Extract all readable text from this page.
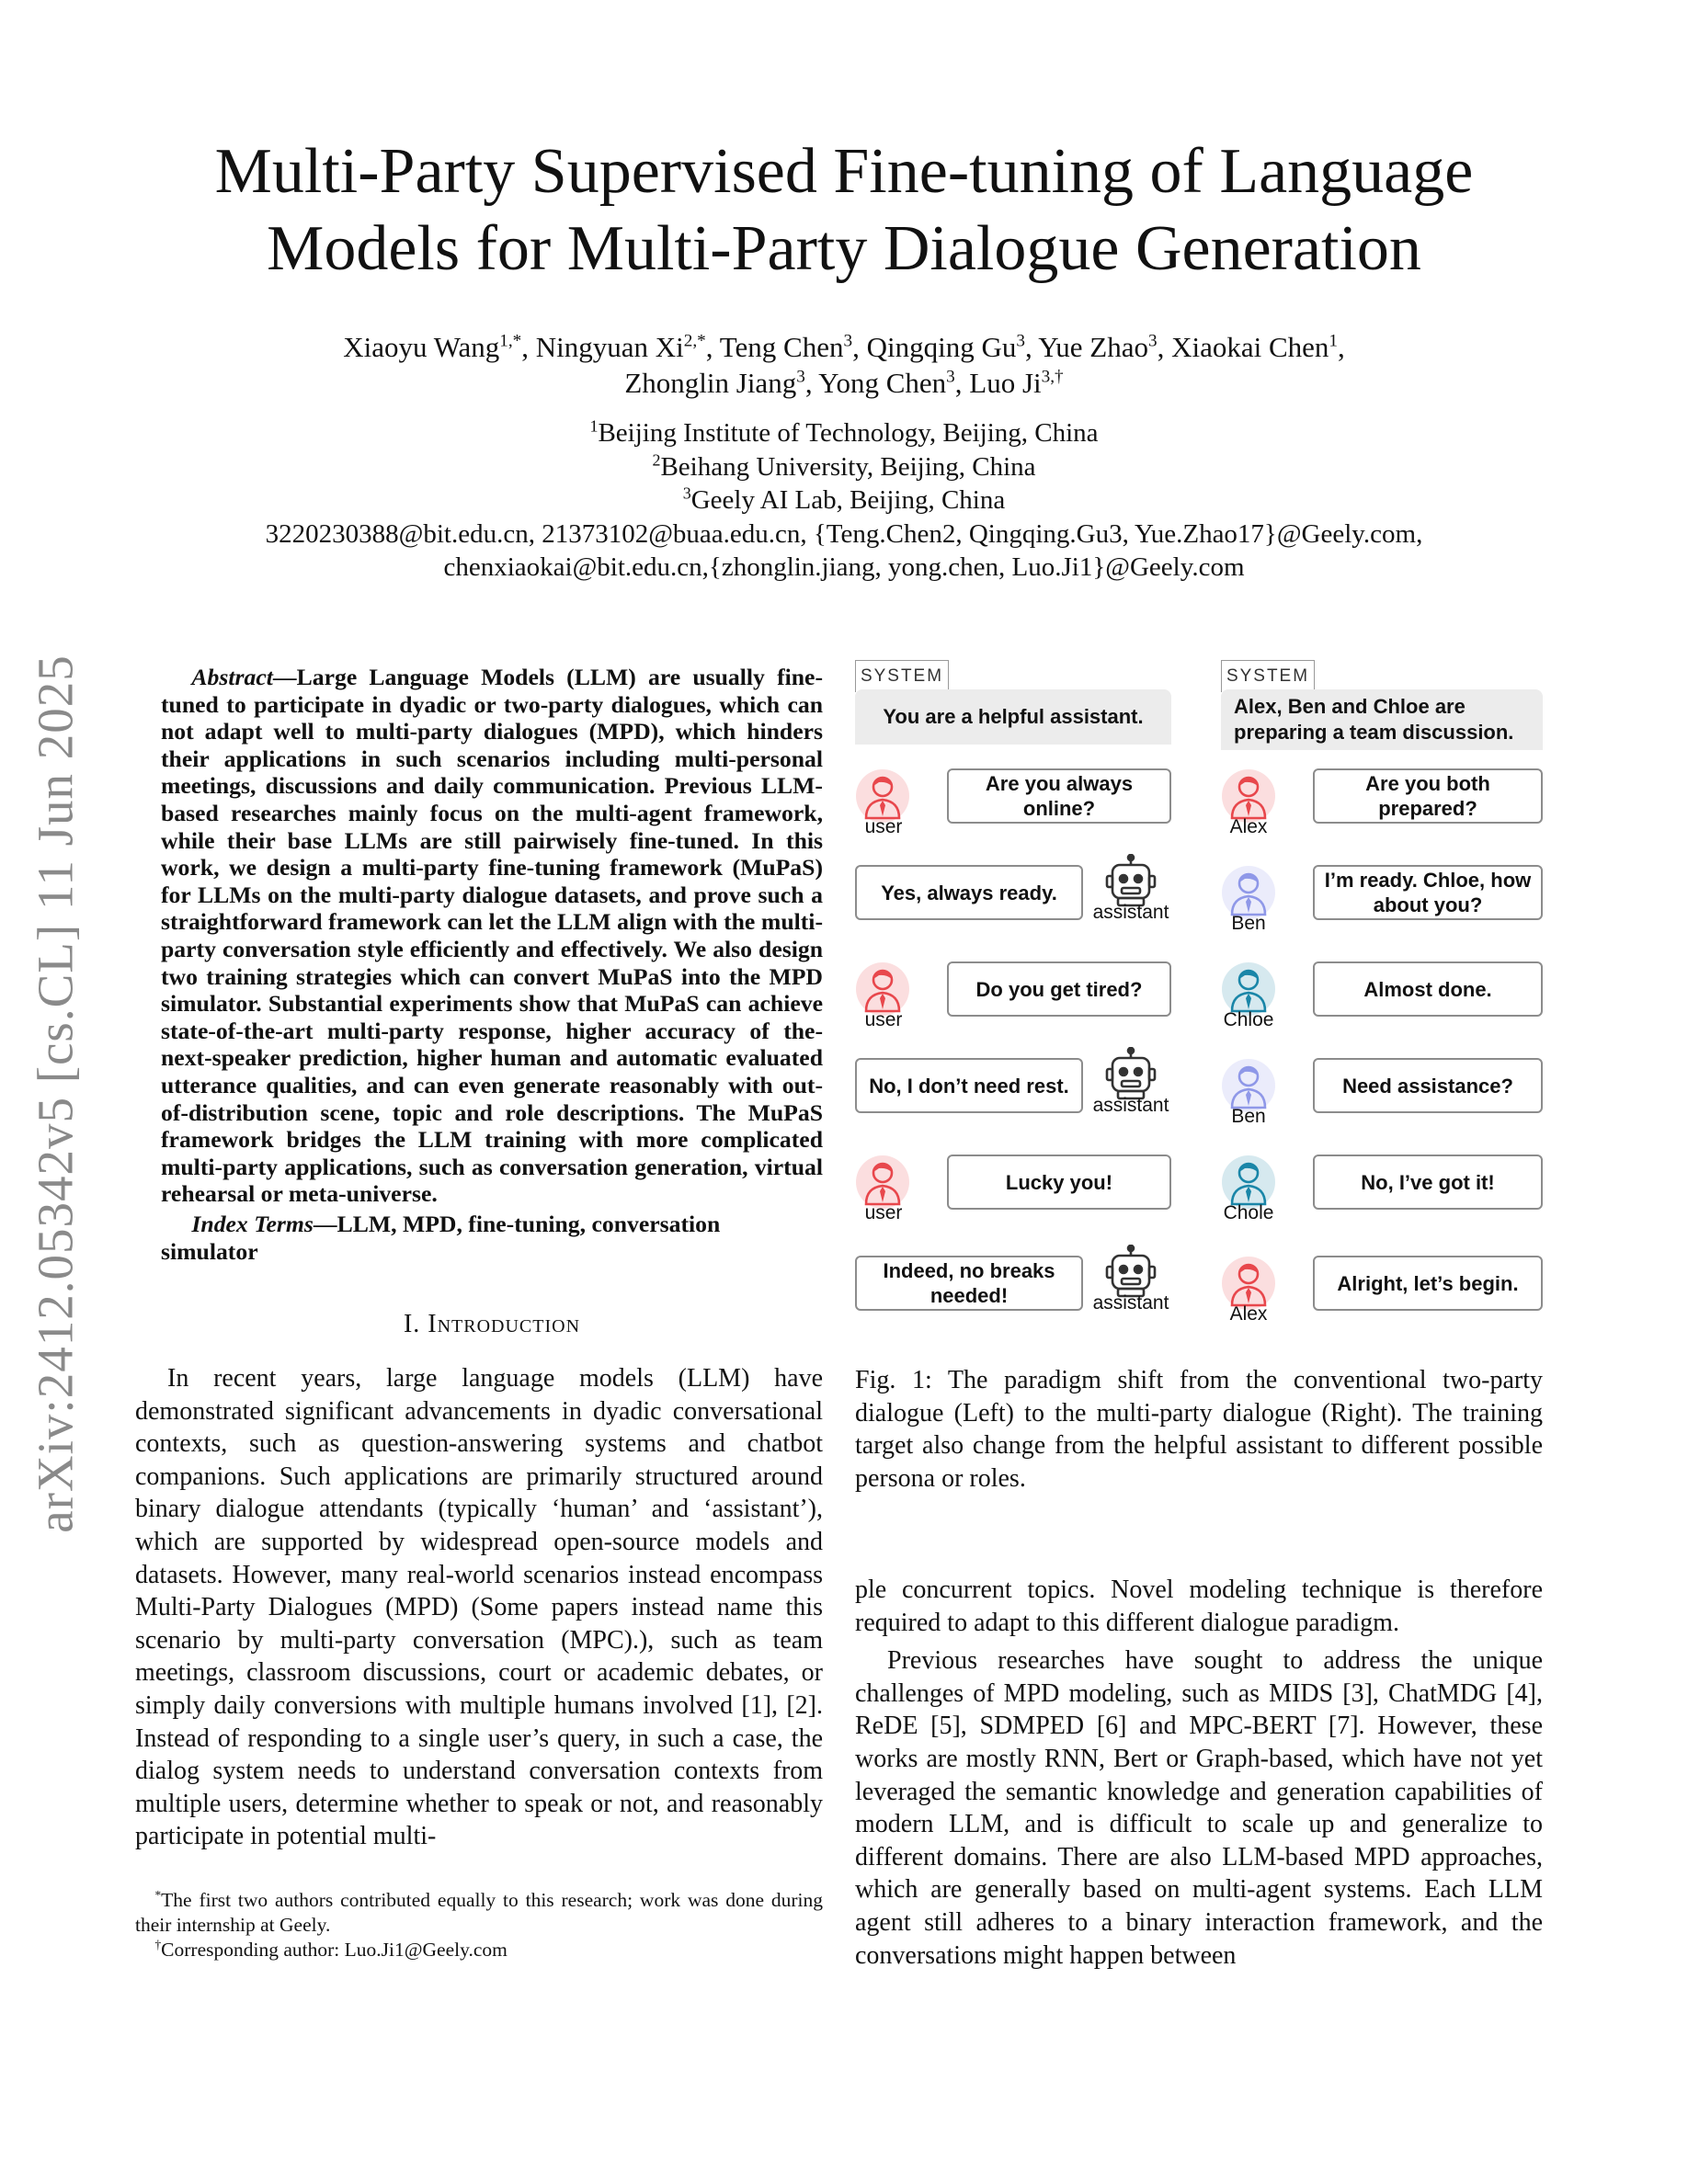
arXiv:2412.05342v5 [cs.CL] 11 Jun 2025
Multi-Party Supervised Fine-tuning of Language
Models for Multi-Party Dialogue Generation
Xiaoyu Wang$^{1,*}$, Ningyuan $Xi^{2,*}$, Teng Chen$^3$, Qingqing Gu$^3$, Yue Zhao$^3$, Xiaokai Chen$^1$,
Zhonglin Jiang$^3$, Yong Chen$^3$, Luo $Ji^{3,\dagger}$
$^1$Beijing Institute of Technology, Beijing, China
$^2$Beihang University, Beijing, China
$^3$Geely AI Lab, Beijing, China
3220230388@bit.edu.cn, 21373102@buaa.edu.cn, {Teng.Chen2, Qingqing.Gu3, Yue.Zhao17}@Geely.com,
chenxiaokai@bit.edu.cn,{zhonglin.jiang, yong.chen, Luo.Ji1}@Geely.com

Abstract—Large Language Models (LLM) are usually fine-tuned to participate in dyadic or two-party dialogues, which can not adapt well to multi-party dialogues (MPD), which hinders their applications in such scenarios including multi-personal meetings, discussions and daily communication. Previous LLM-based researches mainly focus on the multi-agent framework, while their base LLMs are still pairwisely fine-tuned. In this work, we design a multi-party fine-tuning framework (MuPaS) for LLMs on the multi-party dialogue datasets, and prove such a straightforward framework can let the LLM align with the multi-party conversation style efficiently and effectively. We also design two training strategies which can convert MuPaS into the MPD simulator. Substantial experiments show that MuPaS can achieve state-of-the-art multi-party response, higher accuracy of the-next-speaker prediction, higher human and automatic evaluated utterance qualities, and can even generate reasonably with out-of-distribution scene, topic and role descriptions. The MuPaS framework bridges the LLM training with more complicated multi-party applications, such as conversation generation, virtual rehearsal or meta-universe.

Index Terms—LLM, MPD, fine-tuning, conversation simulator
I. Introduction

In recent years, large language models (LLM) have demonstrated significant advancements in dyadic conversational contexts, such as question-answering systems and chatbot companions. Such applications are primarily structured around binary dialogue attendants (typically ‘human’ and ‘assistant’), which are supported by widespread open-source models and datasets. However, many real-world scenarios instead encompass Multi-Party Dialogues (MPD) (Some papers instead name this scenario by multi-party conversation (MPC).), such as team meetings, classroom discussions, court or academic debates, or simply daily conversions with multiple humans involved [1], [2]. Instead of responding to a single user’s query, in such a case, the dialog system needs to understand conversation contexts from multiple users, determine whether to speak or not, and reasonably participate in potential multi-

*The first two authors contributed equally to this research; work was done during their internship at Geely.

†Corresponding author: Luo.Ji1@Geely.com

SYSTEM
You are a helpful assistant.
user
Are you always online?
assistant
Yes, always ready.
user
Do you get tired?
assistant
No, I don’t need rest.
user
Lucky you!
assistant
Indeed, no breaks needed!
SYSTEM
Alex, Ben and Chloe are preparing a team discussion.
Alex
Are you both prepared?
Ben
I’m ready. Chloe, how about you?
Chloe
Almost done.
Ben
Need assistance?
Chole
No, I’ve got it!
Alex
Alright, let’s begin.
Fig. 1: The paradigm shift from the conventional two-party dialogue (Left) to the multi-party dialogue (Right). The training target also change from the helpful assistant to different possible persona or roles.

ple concurrent topics. Novel modeling technique is therefore required to adapt to this different dialogue paradigm.

Previous researches have sought to address the unique challenges of MPD modeling, such as MIDS [3], ChatMDG [4], ReDE [5], SDMPED [6] and MPC-BERT [7]. However, these works are mostly RNN, Bert or Graph-based, which have not yet leveraged the semantic knowledge and generation capabilities of modern LLM, and is difficult to scale up and generalize to different domains. There are also LLM-based MPD approaches, which are generally based on multi-agent systems. Each LLM agent still adheres to a binary interaction framework, and the conversations might happen between
